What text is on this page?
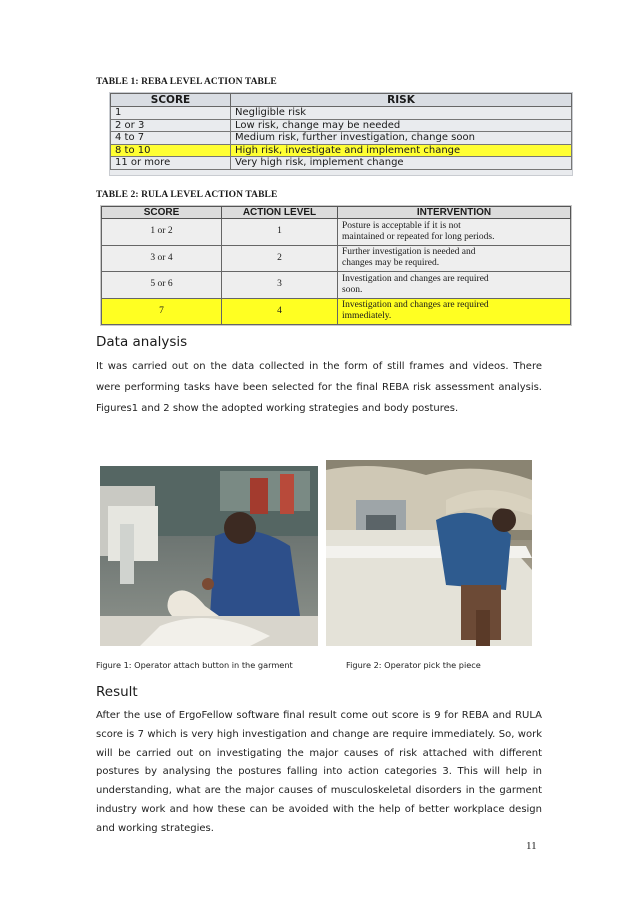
TABLE 1: REBA LEVEL ACTION TABLE
SCORE	RISK
1	Negligible risk
2 or 3	Low risk, change may be needed
4 to 7	Medium risk, further investigation, change soon
8 to 10	High risk, investigate and implement change
11 or more	Very high risk, implement change
TABLE 2: RULA LEVEL ACTION TABLE
SCORE	ACTION LEVEL	INTERVENTION
1 or 2	1	Posture is acceptable if it is not
maintained or repeated for long periods.
3 or 4	2	Further investigation is needed and
changes may be required.
5 or 6	3	Investigation and changes are required
soon.
7	4	Investigation and changes are required
immediately.
Data analysis
It was carried out on the data collected in the form of still frames and videos. There were performing tasks have been selected for the final REBA risk assessment analysis. Figures1 and 2 show the adopted working strategies and body postures.
Figure 1: Operator attach button in the garment	Figure 2: Operator pick the piece
Result
After the use of ErgoFellow software final result come out score is 9 for REBA and RULA score is 7 which is very high investigation and change are require immediately. So, work will be carried out on investigating the major causes of risk attached with different postures by analysing the postures falling into action categories 3. This will help in understanding, what are the major causes of musculoskeletal disorders in the garment industry work and how these can be avoided with the help of better workplace design and working strategies.
11
